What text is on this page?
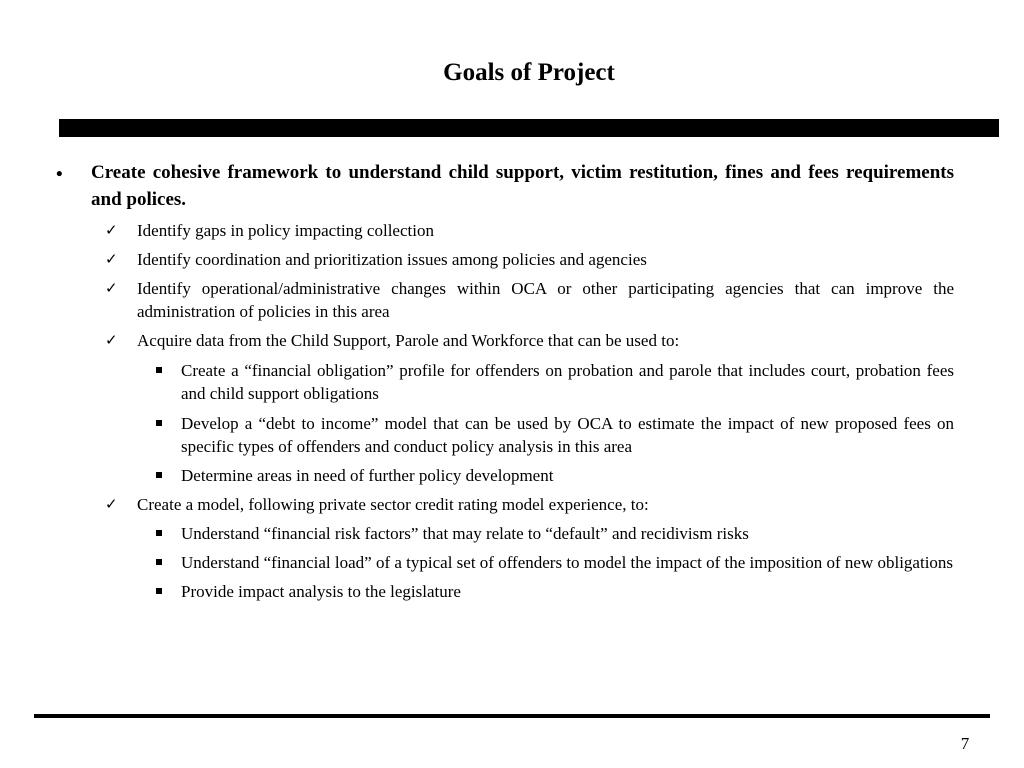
Goals of Project
• Create cohesive framework to understand child support, victim restitution, fines and fees requirements and polices.

✓ Identify gaps in policy impacting collection

✓ Identify coordination and prioritization issues among policies and agencies

✓ Identify operational/administrative changes within OCA or other participating agencies that can improve the administration of policies in this area

✓ Acquire data from the Child Support, Parole and Workforce that can be used to:

Create a “financial obligation” profile for offenders on probation and parole that includes court, probation fees and child support obligations

Develop a “debt to income” model that can be used by OCA to estimate the impact of new proposed fees on specific types of offenders and conduct policy analysis in this area

Determine areas in need of further policy development

✓ Create a model, following private sector credit rating model experience, to:

Understand “financial risk factors” that may relate to “default” and recidivism risks

Understand “financial load” of a typical set of offenders to model the impact of the imposition of new obligations

Provide impact analysis to the legislature

7
